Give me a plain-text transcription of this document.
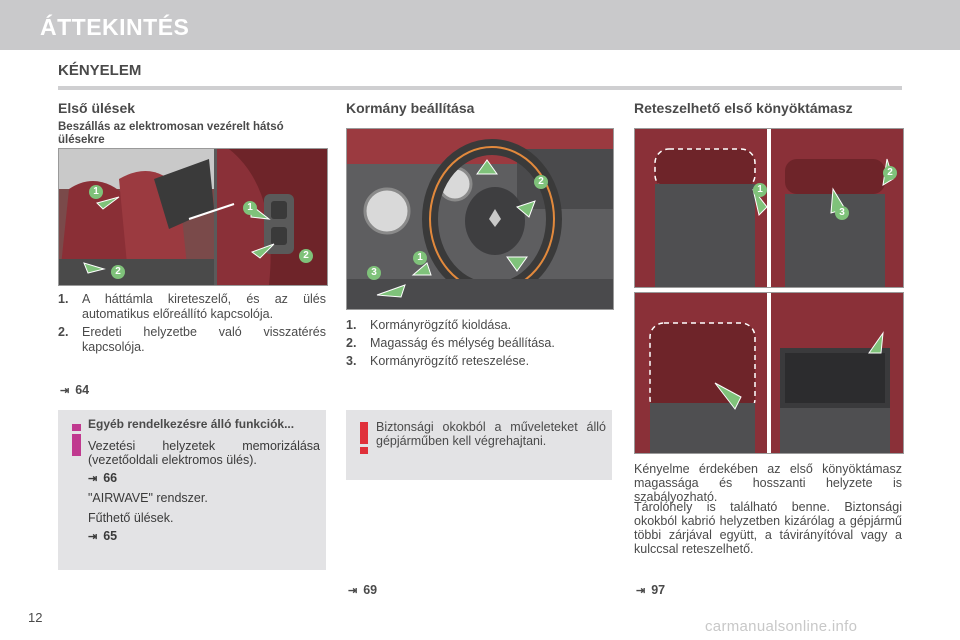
ÁTTEKINTÉS
KÉNYELEM
Első ülések
Beszállás az elektromosan vezérelt hátsó ülésekre
1
2
1
2
1.	A háttámla kireteszelő, és az ülés automatikus előreállító kapcsolója.
2.	Eredeti helyzetbe való visszatérés kapcsolója.
⇥ 64

Egyéb rendelkezésre álló funkciók...

Vezetési helyzetek memorizálása (vezetőoldali elektromos ülés).

⇥ 66

"AIRWAVE" rendszer.

Fűthető ülések.

⇥ 65

Kormány beállítása
1
2
3
1.	Kormányrögzítő kioldása.
2.	Magasság és mélység beállítása.
3.	Kormányrögzítő reteszelése.

Biztonsági okokból a műveleteket álló gépjárműben kell végrehajtani.

⇥ 69
Reteszelhető első könyöktámasz
1
2
3

Kényelme érdekében az első könyöktámasz magassága és hosszanti helyzete is szabályozható.

Tárolóhely is található benne. Biztonsági okokból kabrió helyzetben kizárólag a gépjármű többi zárjával együtt, a távirányítóval vagy a kulccsal reteszelhető.

⇥ 97
12
carmanualsonline.info
